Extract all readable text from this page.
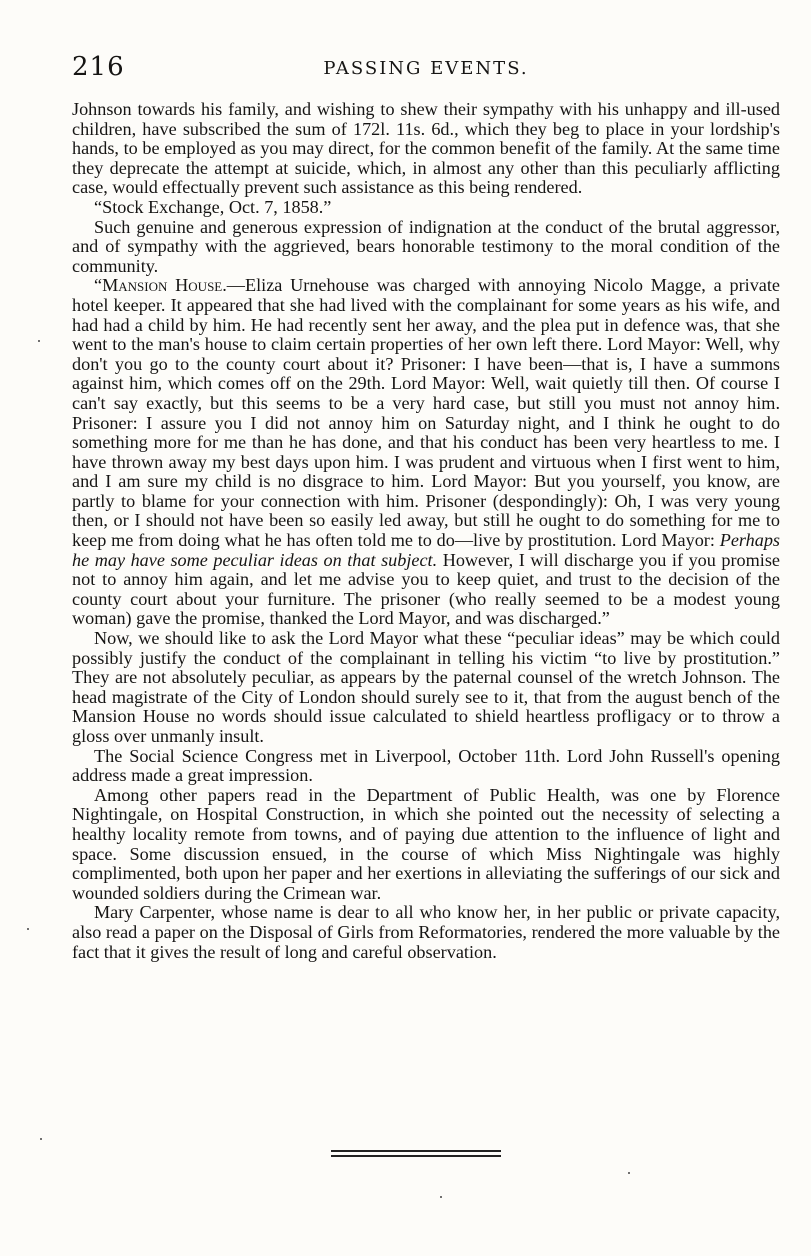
216	PASSING EVENTS.

Johnson towards his family, and wishing to shew their sympathy with his unhappy and ill-used children, have subscribed the sum of 172l. 11s. 6d., which they beg to place in your lordship's hands, to be employed as you may direct, for the common benefit of the family. At the same time they deprecate the attempt at suicide, which, in almost any other than this peculiarly afflicting case, would effectually prevent such assistance as this being rendered.

“Stock Exchange, Oct. 7, 1858.”

Such genuine and generous expression of indignation at the conduct of the brutal aggressor, and of sympathy with the aggrieved, bears honorable testimony to the moral condition of the community.

“Mansion House.—Eliza Urnehouse was charged with annoying Nicolo Magge, a private hotel keeper. It appeared that she had lived with the complainant for some years as his wife, and had had a child by him. He had recently sent her away, and the plea put in defence was, that she went to the man's house to claim certain properties of her own left there. Lord Mayor: Well, why don't you go to the county court about it? Prisoner: I have been—that is, I have a summons against him, which comes off on the 29th. Lord Mayor: Well, wait quietly till then. Of course I can't say exactly, but this seems to be a very hard case, but still you must not annoy him. Prisoner: I assure you I did not annoy him on Saturday night, and I think he ought to do something more for me than he has done, and that his conduct has been very heartless to me. I have thrown away my best days upon him. I was prudent and virtuous when I first went to him, and I am sure my child is no disgrace to him. Lord Mayor: But you yourself, you know, are partly to blame for your connection with him. Prisoner (despondingly): Oh, I was very young then, or I should not have been so easily led away, but still he ought to do something for me to keep me from doing what he has often told me to do—live by prostitution. Lord Mayor: Perhaps he may have some peculiar ideas on that subject. However, I will discharge you if you promise not to annoy him again, and let me advise you to keep quiet, and trust to the decision of the county court about your furniture. The prisoner (who really seemed to be a modest young woman) gave the promise, thanked the Lord Mayor, and was discharged.”

Now, we should like to ask the Lord Mayor what these “peculiar ideas” may be which could possibly justify the conduct of the complainant in telling his victim “to live by prostitution.” They are not absolutely peculiar, as appears by the paternal counsel of the wretch Johnson. The head magistrate of the City of London should surely see to it, that from the august bench of the Mansion House no words should issue calculated to shield heartless profligacy or to throw a gloss over unmanly insult.

The Social Science Congress met in Liverpool, October 11th. Lord John Russell's opening address made a great impression.

Among other papers read in the Department of Public Health, was one by Florence Nightingale, on Hospital Construction, in which she pointed out the necessity of selecting a healthy locality remote from towns, and of paying due attention to the influence of light and space. Some discussion ensued, in the course of which Miss Nightingale was highly complimented, both upon her paper and her exertions in alleviating the sufferings of our sick and wounded soldiers during the Crimean war.

Mary Carpenter, whose name is dear to all who know her, in her public or private capacity, also read a paper on the Disposal of Girls from Reformatories, rendered the more valuable by the fact that it gives the result of long and careful observation.
